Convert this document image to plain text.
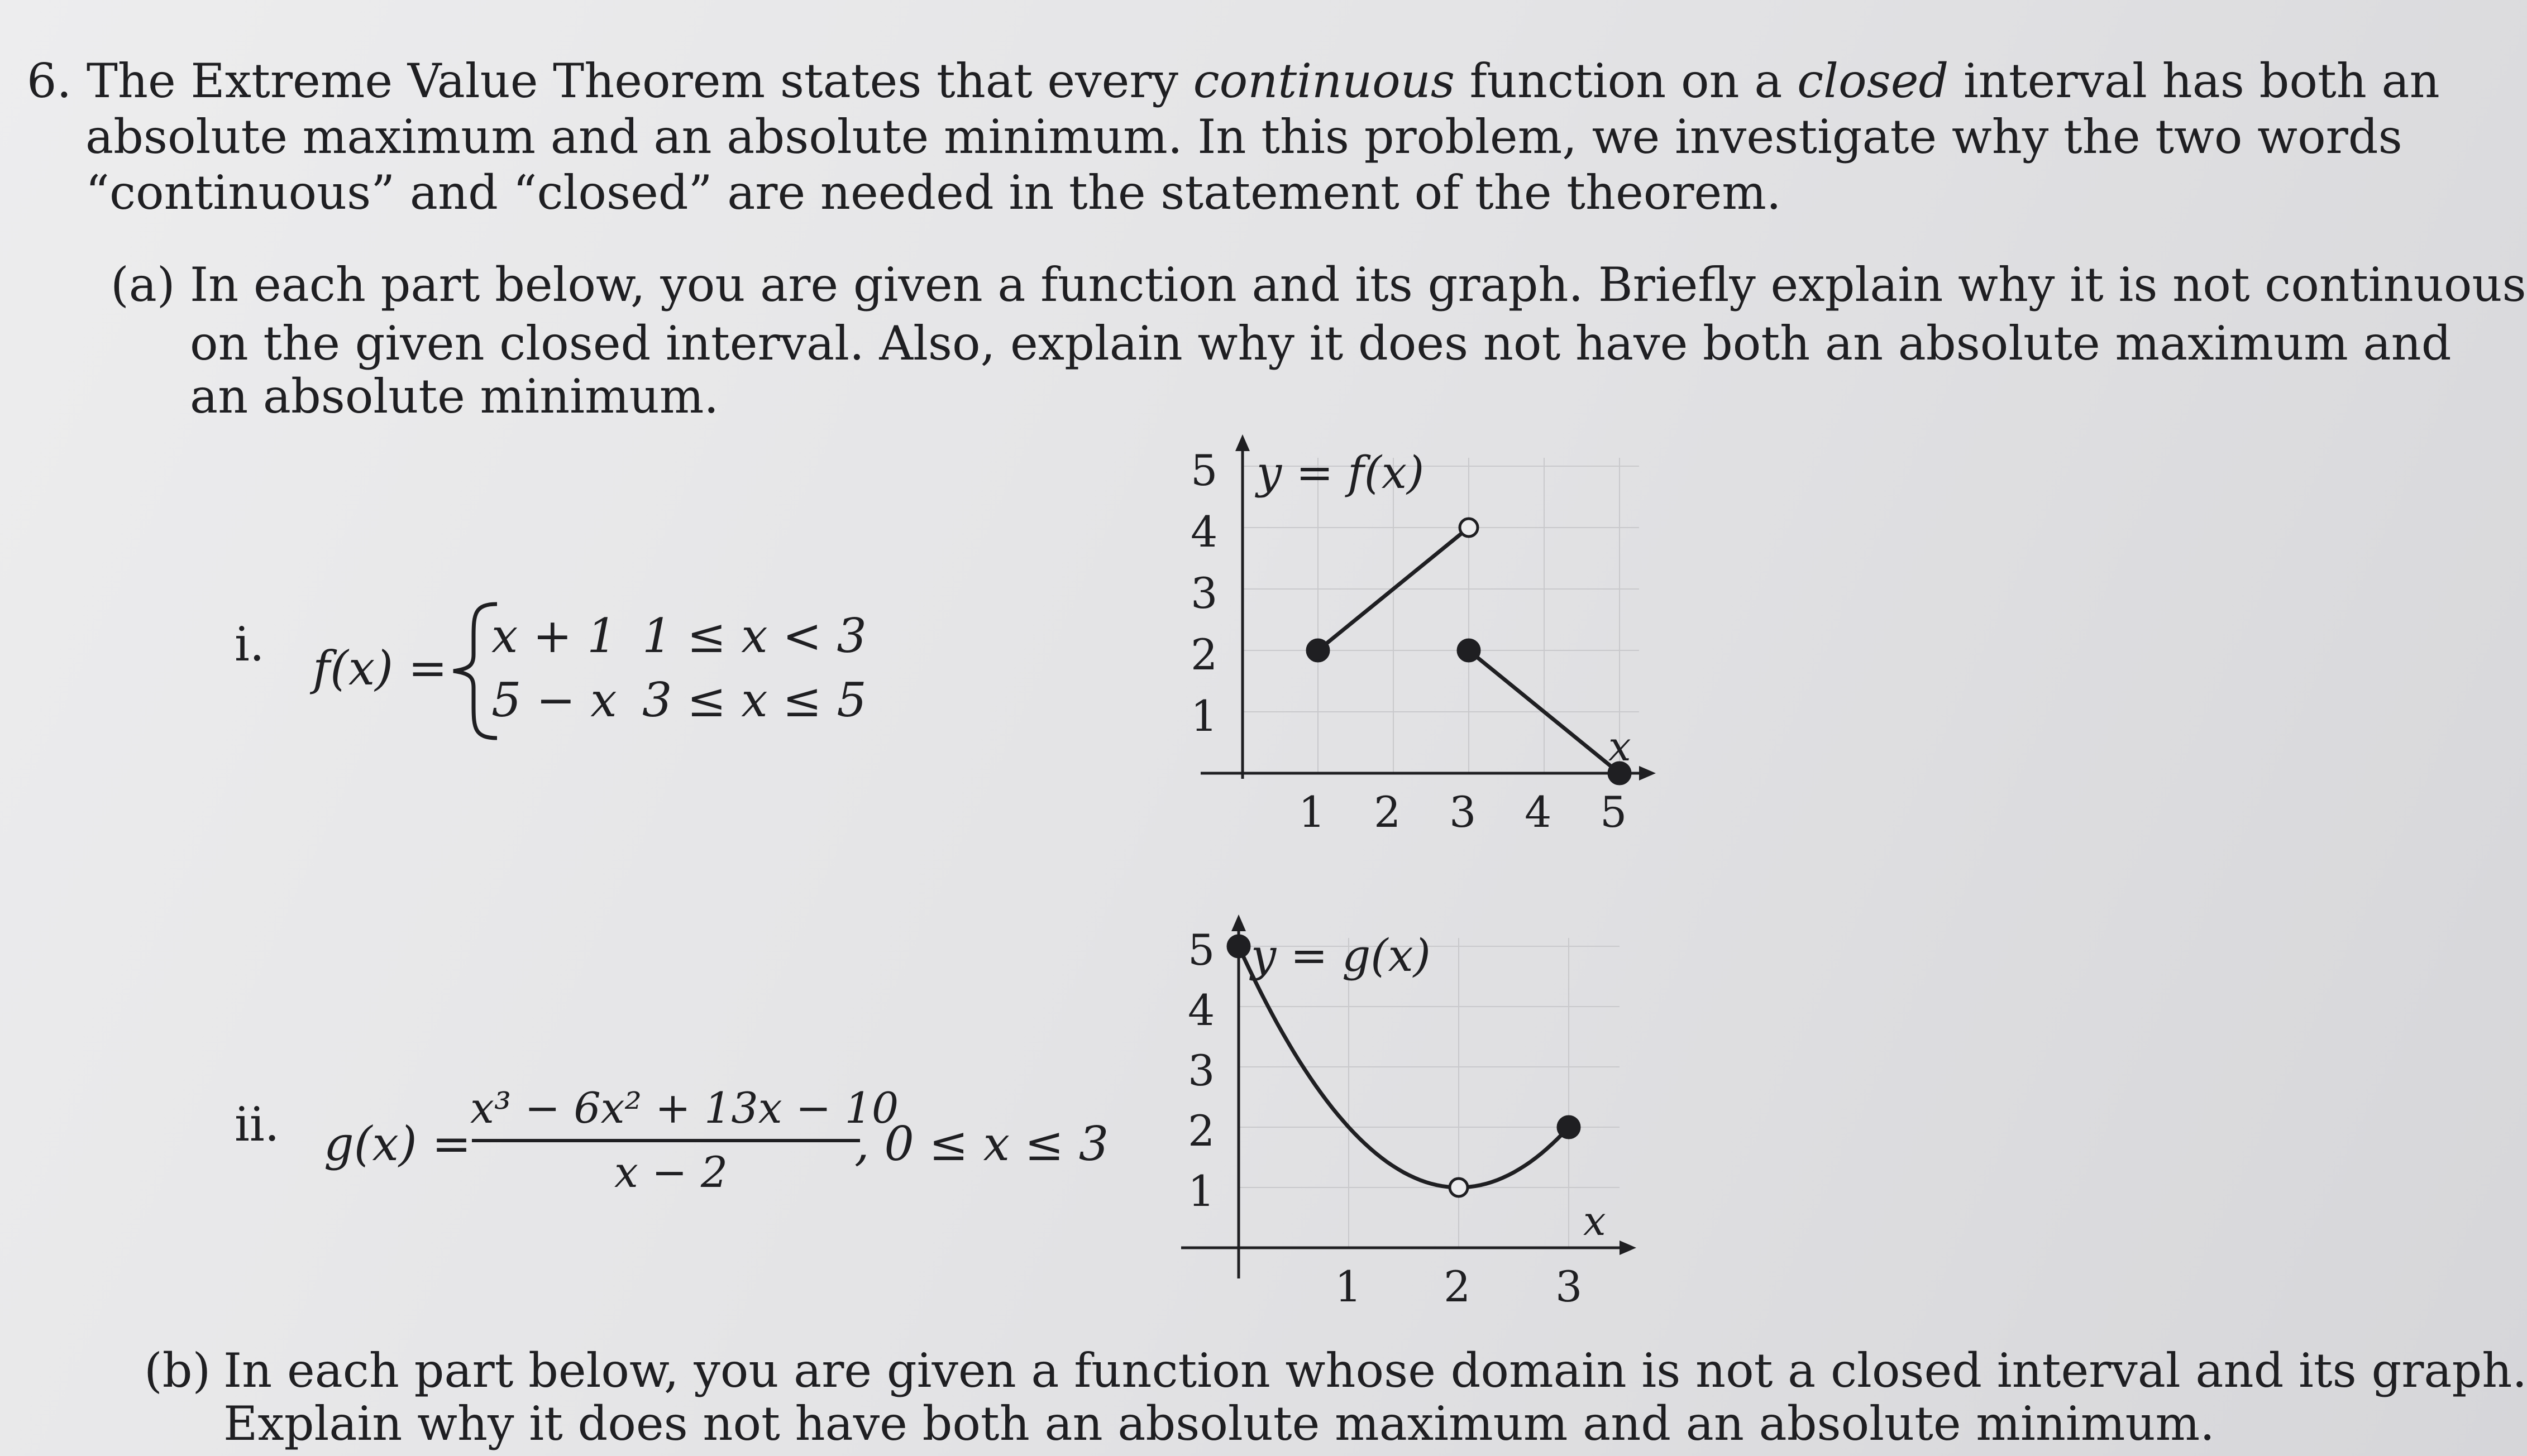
6. The Extreme Value Theorem states that every continuous function on a closed interval has both an
absolute maximum and an absolute minimum. In this problem, we investigate why the two words
“continuous” and “closed” are needed in the statement of the theorem.
(a) In each part below, you are given a function and its graph. Briefly explain why it is not continuous
on the given closed interval. Also, explain why it does not have both an absolute maximum and
an absolute minimum.
i. f(x) =
x + 1 1 ≤ x < 3
5 − x 3 ≤ x ≤ 5
ii. g(x) =
x³ − 6x² + 13x − 10
x − 2
, 0 ≤ x ≤ 3
y = f(x)
x
5
4
3
2
1
1 2 3 4 5
y = g(x)
x
5
4
3
2
1
1 2 3
(b) In each part below, you are given a function whose domain is not a closed interval and its graph.
Explain why it does not have both an absolute maximum and an absolute minimum.
